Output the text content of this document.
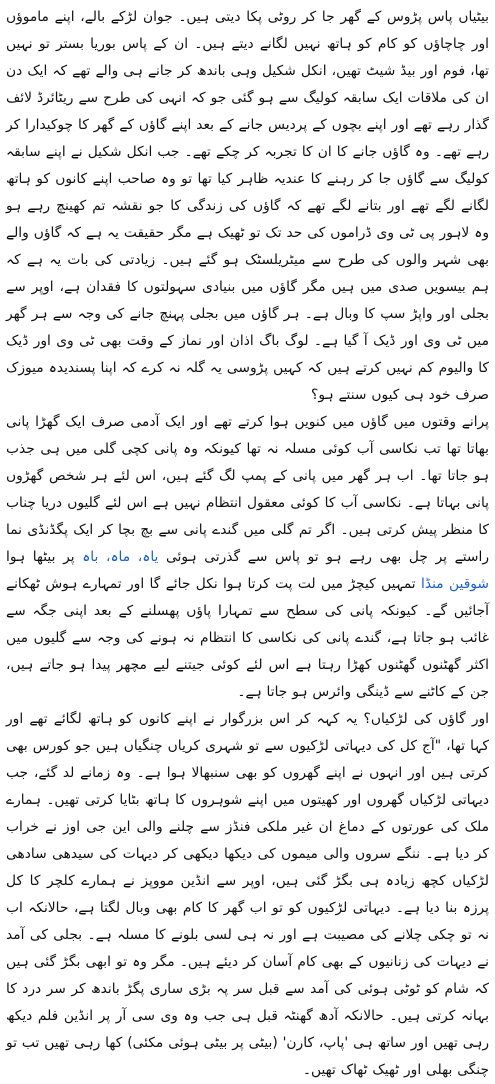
بیٹیاں پاس پڑوس کے گھر جا کر روٹی پکا دیتی ہیں۔ جوان لڑکے بالے، اپنے ماموؤں اور چاچاؤں کو کام کو ہاتھ نہیں لگانے دیتے ہیں۔ ان کے پاس بوریا بستر تو نہیں تھا، فوم اور بیڈ شیٹ تھیں، انکل شکیل وہی باندھ کر جانے ہی والے تھے کہ ایک دن ان کی ملاقات ایک سابقہ کولیگ سے ہو گئی جو کہ انہی کی طرح سے ریٹائرڈ لائف گذار رہے تھے اور اپنے بچوں کے پردیس جانے کے بعد اپنے گاؤں کے گھر کا چوکیدارا کر رہے تھے۔ وہ گاؤں جانے کا ان کا تجربہ کر چکے تھے۔ جب انکل شکیل نے اپنے سابقہ کولیگ سے گاؤں جا کر رہنے کا عندیہ ظاہر کیا تھا تو وہ صاحب اپنے کانوں کو ہاتھ لگانے لگے تھے اور بتانے لگے تھے کہ گاؤں کی زندگی کا جو نقشہ تم کھینچ رہے ہو وہ لاہور پی ٹی وی ڈراموں کی حد تک تو ٹھیک ہے مگر حقیقت یہ ہے کہ گاؤں والے بھی شہر والوں کی طرح سے میٹریلسٹک ہو گئے ہیں۔ زیادتی کی بات یہ ہے کہ ہم بیسویں صدی میں ہیں مگر گاؤں میں بنیادی سہولتوں کا فقدان ہے، اوپر سے بجلی اور واپڑ سپ کا وبال ہے۔ ہر گاؤں میں بجلی پہنچ جانے کی وجہ سے ہر گھر میں ٹی وی اور ڈیک آ گیا ہے۔ لوگ باگ اذان اور نماز کے وقت بھی ٹی وی اور ڈیک کا والیوم کم نہیں کرتے ہیں کہ کہیں پڑوسی یہ گلہ نہ کرے کہ اپنا پسندیدہ میوزک صرف خود ہی کیوں سنتے ہو؟

پرانے وقتوں میں گاؤں میں کنویں ہوا کرتے تھے اور ایک آدمی صرف ایک گھڑا پانی بھاتا تھا تب نکاسی آب کوئی مسلہ نہ تھا کیونکہ وہ پانی کچی گلی میں ہی جذب ہو جاتا تھا۔ اب ہر گھر میں پانی کے پمپ لگ گئے ہیں، اس لئے ہر شخص گھڑوں پانی بہاتا ہے۔ نکاسی آب کا کوئی معقول انتظام نہیں ہے اس لئے گلیوں دریا چناب کا منظر پیش کرتی ہیں۔ اگر تم گلی میں گندے پانی سے بچ بچا کر ایک پگڈنڈی نما راستے پر چل بھی رہے ہو تو پاس سے گذرتی ہوئی یاہ، ماہ، باہ پر بیٹھا ہوا شوقین منڈا تمہیں کیچڑ میں لت پت کرتا ہوا نکل جائے گا اور تمہارے ہوش ٹھکانے آجائیں گے۔ کیونکہ پانی کی سطح سے تمہارا پاؤں پھسلنے کے بعد اپنی جگہ سے غائب ہو جاتا ہے، گندے پانی کی نکاسی کا انتظام نہ ہونے کی وجہ سے گلیوں میں اکثر گھٹنوں گھٹنوں کھڑا رہتا ہے اس لئے کوئی جیتنے لیے مچھر پیدا ہو جاتے ہیں، جن کے کاٹنے سے ڈینگی وائرس ہو جاتا ہے۔

اور گاؤں کی لڑکیاں؟ یہ کہہ کر اس بزرگوار نے اپنے کانوں کو ہاتھ لگائے تھے اور کہا تھا، "آج کل کی دیہاتی لڑکیوں سے تو شہری کریاں چنگیاں ہیں جو کورس بھی کرتی ہیں اور انہوں نے اپنے گھروں کو بھی سنبھالا ہوا ہے۔ وہ زمانے لد گئے، جب دیہاتی لڑکیاں گھروں اور کھیتوں میں اپنے شوہروں کا ہاتھ بٹایا کرتی تھیں۔ ہمارے ملک کی عورتوں کے دماغ ان غیر ملکی فنڈز سے چلنے والی این جی اوز نے خراب کر دیا ہے۔ ننگے سروں والی میموں کی دیکھا دیکھی کر دیہات کی سیدھی سادھی لڑکیاں کچھ زیادہ ہی بگڑ گئی ہیں، اوپر سے انڈین مووپز نے ہمارے کلچر کا کل پرزہ بنا دیا ہے۔ دیہاتی لڑکیوں کو تو اب گھر کا کام بھی وبال لگتا ہے، حالانکہ اب نہ تو چکی چلانے کی مصیبت ہے اور نہ ہی لسی بلونے کا مسلہ ہے۔ بجلی کی آمد نے دیہات کی زنانیوں کے بھی کام آسان کر دیئے ہیں۔ مگر وہ تو ابھی بگڑ گئی ہیں کہ شام کو ٹوٹی ہوئی کی آمد سے قبل سر پہ بڑی ساری پگڑ باندھ کر سر درد کا بہانہ کرتی ہیں۔ حالانکہ آدھ گھنٹہ قبل ہی جب وہ وی سی آر پر انڈین فلم دیکھ رہی تھیں اور ساتھ ہی 'پاپ، کارن' (بیٹی پر بیٹی ہوئی مکئی) کھا رہی تھیں تب تو چنگی بھلی اور ٹھیک ٹھاک تھیں۔
